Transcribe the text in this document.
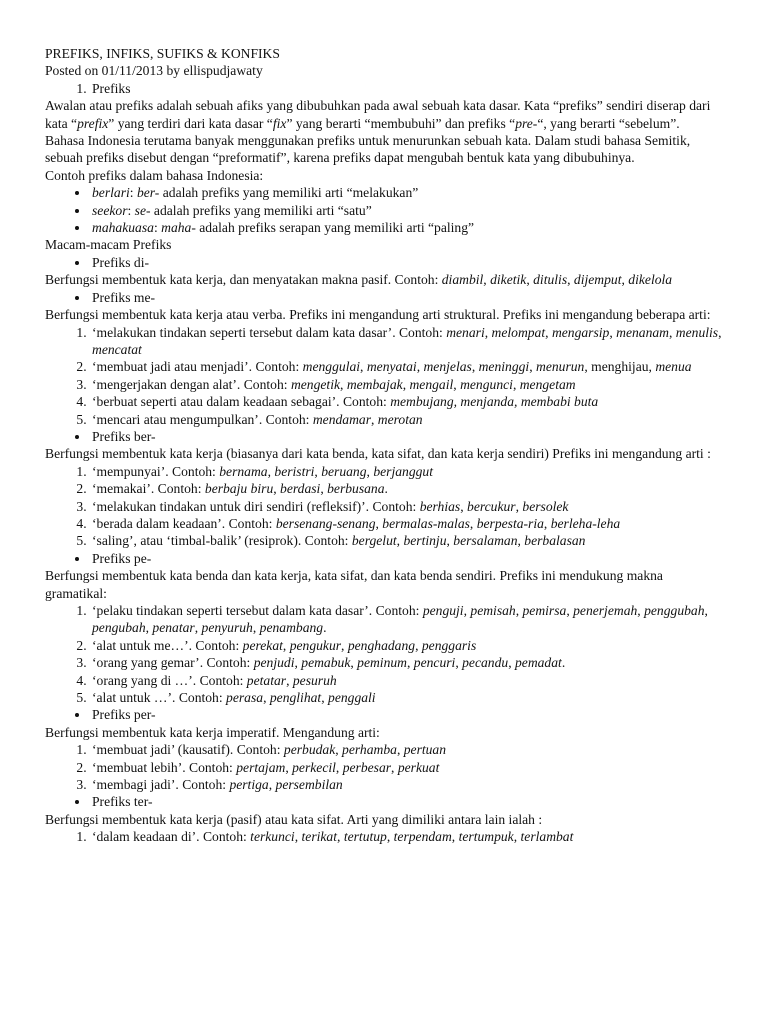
PREFIKS, INFIKS, SUFIKS & KONFIKS

Posted on 01/11/2013 by ellispudjawaty

1. Prefiks

Awalan atau prefiks adalah sebuah afiks yang dibubuhkan pada awal sebuah kata dasar. Kata “prefiks” sendiri diserap dari kata “prefix” yang terdiri dari kata dasar “fix” yang berarti “membubuhi” dan prefiks “pre-“, yang berarti “sebelum”.

Bahasa Indonesia terutama banyak menggunakan prefiks untuk menurunkan sebuah kata. Dalam studi bahasa Semitik, sebuah prefiks disebut dengan “preformatif”, karena prefiks dapat mengubah bentuk kata yang dibubuhinya.

Contoh prefiks dalam bahasa Indonesia:

• berlari: ber- adalah prefiks yang memiliki arti “melakukan”
• seekor: se- adalah prefiks yang memiliki arti “satu”
• mahakuasa: maha- adalah prefiks serapan yang memiliki arti “paling”

Macam-macam Prefiks

• Prefiks di-

Berfungsi membentuk kata kerja, dan menyatakan makna pasif. Contoh: diambil, diketik, ditulis, dijemput, dikelola

• Prefiks me-

Berfungsi membentuk kata kerja atau verba. Prefiks ini mengandung arti struktural. Prefiks ini mengandung beberapa arti:

1. ‘melakukan tindakan seperti tersebut dalam kata dasar’. Contoh: menari, melompat, mengarsip, menanam, menulis, mencatat
2. ‘membuat jadi atau menjadi’. Contoh: menggulai, menyatai, menjelas, meninggi, menurun, menghijau, menua
3. ‘mengerjakan dengan alat’. Contoh: mengetik, membajak, mengail, mengunci, mengetam
4. ‘berbuat seperti atau dalam keadaan sebagai’. Contoh: membujang, menjanda, membabi buta
5. ‘mencari atau mengumpulkan’. Contoh: mendamar, merotan
• Prefiks ber-

Berfungsi membentuk kata kerja (biasanya dari kata benda, kata sifat, dan kata kerja sendiri) Prefiks ini mengandung arti :

1. ‘mempunyai’. Contoh: bernama, beristri, beruang, berjanggut
2. ‘memakai’. Contoh: berbaju biru, berdasi, berbusana.
3. ‘melakukan tindakan untuk diri sendiri (refleksif)’. Contoh: berhias, bercukur, bersolek
4. ‘berada dalam keadaan’. Contoh: bersenang-senang, bermalas-malas, berpesta-ria, berleha-leha
5. ‘saling’, atau ‘timbal-balik’ (resiprok). Contoh: bergelut, bertinju, bersalaman, berbalasan
• Prefiks pe-

Berfungsi membentuk kata benda dan kata kerja, kata sifat, dan kata benda sendiri. Prefiks ini mendukung makna gramatikal:

1. ‘pelaku tindakan seperti tersebut dalam kata dasar’. Contoh: penguji, pemisah, pemirsa, penerjemah, penggubah, pengubah, penatar, penyuruh, penambang.
2. ‘alat untuk me…’. Contoh: perekat, pengukur, penghadang, penggaris
3. ‘orang yang gemar’. Contoh: penjudi, pemabuk, peminum, pencuri, pecandu, pemadat.
4. ‘orang yang di …’. Contoh: petatar, pesuruh
5. ‘alat untuk …’. Contoh: perasa, penglihat, penggali
• Prefiks per-

Berfungsi membentuk kata kerja imperatif. Mengandung arti:

1. ‘membuat jadi’ (kausatif). Contoh: perbudak, perhamba, pertuan
2. ‘membuat lebih’. Contoh: pertajam, perkecil, perbesar, perkuat
3. ‘membagi jadi’. Contoh: pertiga, persembilan
• Prefiks ter-

Berfungsi membentuk kata kerja (pasif) atau kata sifat. Arti yang dimiliki antara lain ialah :

1. ‘dalam keadaan di’. Contoh: terkunci, terikat, tertutup, terpendam, tertumpuk, terlambat
